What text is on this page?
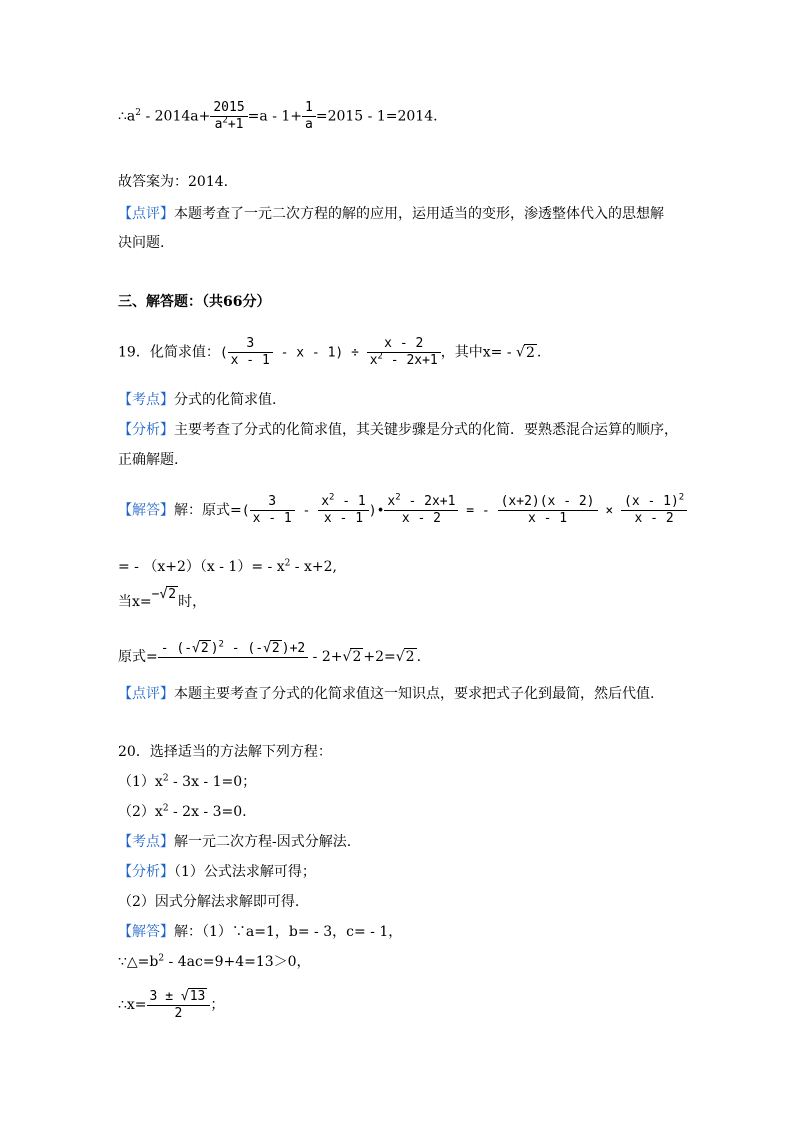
$\therefore a^2 - 2014a+ \frac{2015}{a^2+1} =a - 1+ \frac{1}{a} =2015 - 1=2014$.
故答案为：2014.
【点评】本题考查了一元二次方程的解的应用，运用适当的变形，渗透整体代入的思想解
决问题.
三、解答题：（共66分）
19．化简求值：( $\frac{3}{x - 1} - x - 1) \div \frac{x - 2}{x^2 - 2x+1}$ ，其中x= - √2 .
【考点】分式的化简求值.
【分析】主要考查了分式的化简求值，其关键步骤是分式的化简．要熟悉混合运算的顺序，
正确解题.
【解答】解：原式=( $\frac{3}{x - 1} - \frac{x^2 - 1}{x - 1}$ )• $\frac{x^2 - 2x+1}{x - 2}$ = - $\frac{(x+2)(x - 2)}{x - 1} \times \frac{(x - 1)^2}{x - 2}$
= - $(x+2)(x - 1)= - x^2 - x+2$,
当x=−√2 时，
原式=
- (-√2 )$^2$ - (-√2 )+2

- 2+√2 +2=√2 .
【点评】本题主要考查了分式的化简求值这一知识点，要求把式子化到最简，然后代值.
20．选择适当的方法解下列方程：
$(1)x^2 - 3x - 1=0$；
$(2)x^2 - 2x - 3=0$.
【考点】解一元二次方程-因式分解法.
【分析】（1）公式法求解可得；
（2）因式分解法求解即可得.
【解答】解：（1）∵a=1，b= - 3，c= - 1，
$\because\triangle=b^2 - 4ac=9+4=13>0$，
∴x= $\frac{3 \pm √13}{2}$ ；
